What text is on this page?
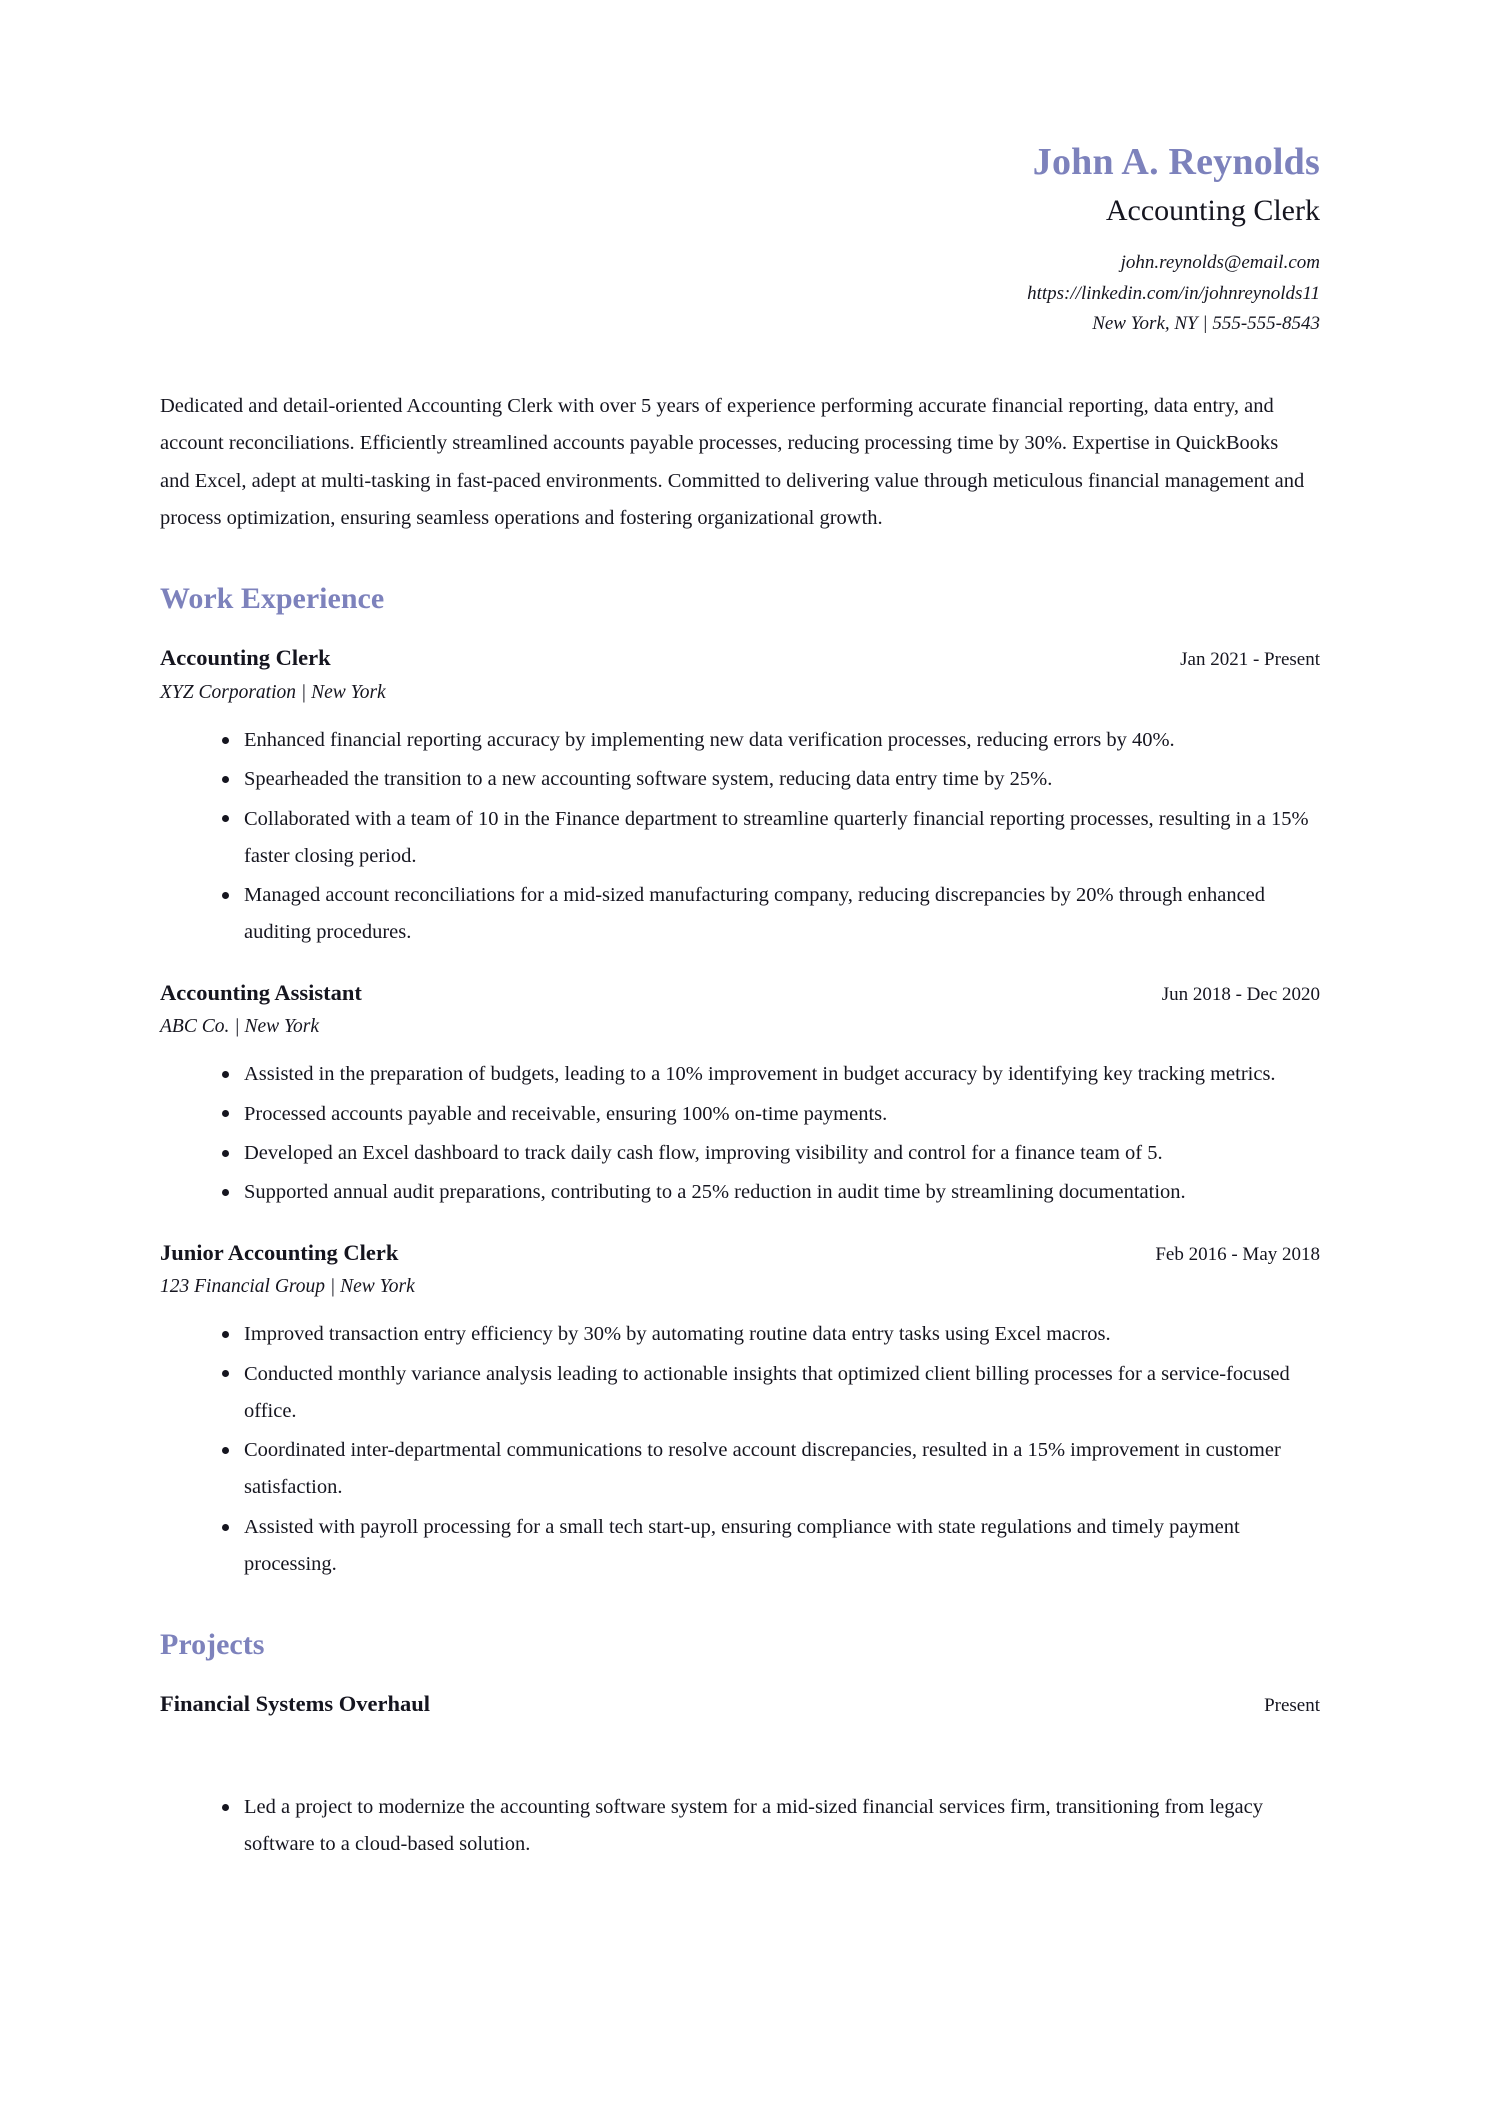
John A. Reynolds
Accounting Clerk
john.reynolds@email.com
https://linkedin.com/in/johnreynolds11
New York, NY | 555-555-8543
Dedicated and detail-oriented Accounting Clerk with over 5 years of experience performing accurate financial reporting, data entry, and account reconciliations. Efficiently streamlined accounts payable processes, reducing processing time by 30%. Expertise in QuickBooks and Excel, adept at multi-tasking in fast-paced environments. Committed to delivering value through meticulous financial management and process optimization, ensuring seamless operations and fostering organizational growth.
Work Experience
Accounting Clerk	Jan 2021 - Present
XYZ Corporation | New York
Enhanced financial reporting accuracy by implementing new data verification processes, reducing errors by 40%.
Spearheaded the transition to a new accounting software system, reducing data entry time by 25%.
Collaborated with a team of 10 in the Finance department to streamline quarterly financial reporting processes, resulting in a 15% faster closing period.
Managed account reconciliations for a mid-sized manufacturing company, reducing discrepancies by 20% through enhanced auditing procedures.
Accounting Assistant	Jun 2018 - Dec 2020
ABC Co. | New York
Assisted in the preparation of budgets, leading to a 10% improvement in budget accuracy by identifying key tracking metrics.
Processed accounts payable and receivable, ensuring 100% on-time payments.
Developed an Excel dashboard to track daily cash flow, improving visibility and control for a finance team of 5.
Supported annual audit preparations, contributing to a 25% reduction in audit time by streamlining documentation.
Junior Accounting Clerk	Feb 2016 - May 2018
123 Financial Group | New York
Improved transaction entry efficiency by 30% by automating routine data entry tasks using Excel macros.
Conducted monthly variance analysis leading to actionable insights that optimized client billing processes for a service-focused office.
Coordinated inter-departmental communications to resolve account discrepancies, resulted in a 15% improvement in customer satisfaction.
Assisted with payroll processing for a small tech start-up, ensuring compliance with state regulations and timely payment processing.
Projects
Financial Systems Overhaul	Present
Led a project to modernize the accounting software system for a mid-sized financial services firm, transitioning from legacy software to a cloud-based solution.
